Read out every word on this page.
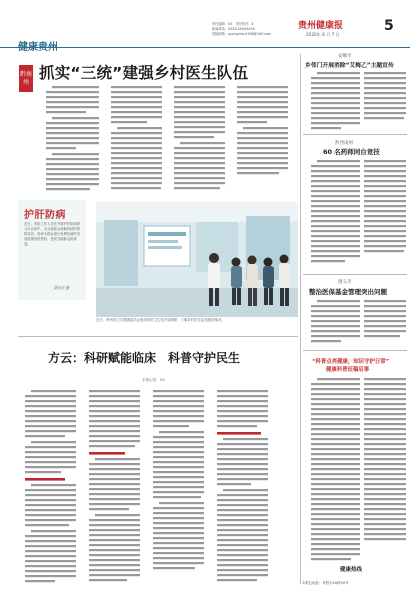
责任编辑：XX　责任校对：X
新闻热线：XXXX-XXXXXXXX
投稿邮箱：guangzhou1998@163.com
贵州健康报
2020年 8 月 7 日
5
健康贵州
黔南州 抓实“三统”建强乡村医生队伍
护肝防病
近日，医院工作人员在开展护肝防病的义诊活动中，为当地群众讲解肝病的预防知识，现场为群众进行免费检测并发放健康宣传资料，受到当地群众的欢迎。
胡永庆 摄
近日，贵州省卫生健康委员会组织到村卫生室开展调研，了解乡村医生队伍建设情况。
方云：科研赋能临床　科普守护民生
本报记者　XX
安顺市
乡邻门开展消除“艾梅乙”主题宣传
黔西南州
60 名药师同台竞技
遵义市
整治医保基金管理突出问题
“科普点亮健康，知识守护日常”
健康科普征稿启事
健康热线
本报社地址：贵阳市XX路XX号
